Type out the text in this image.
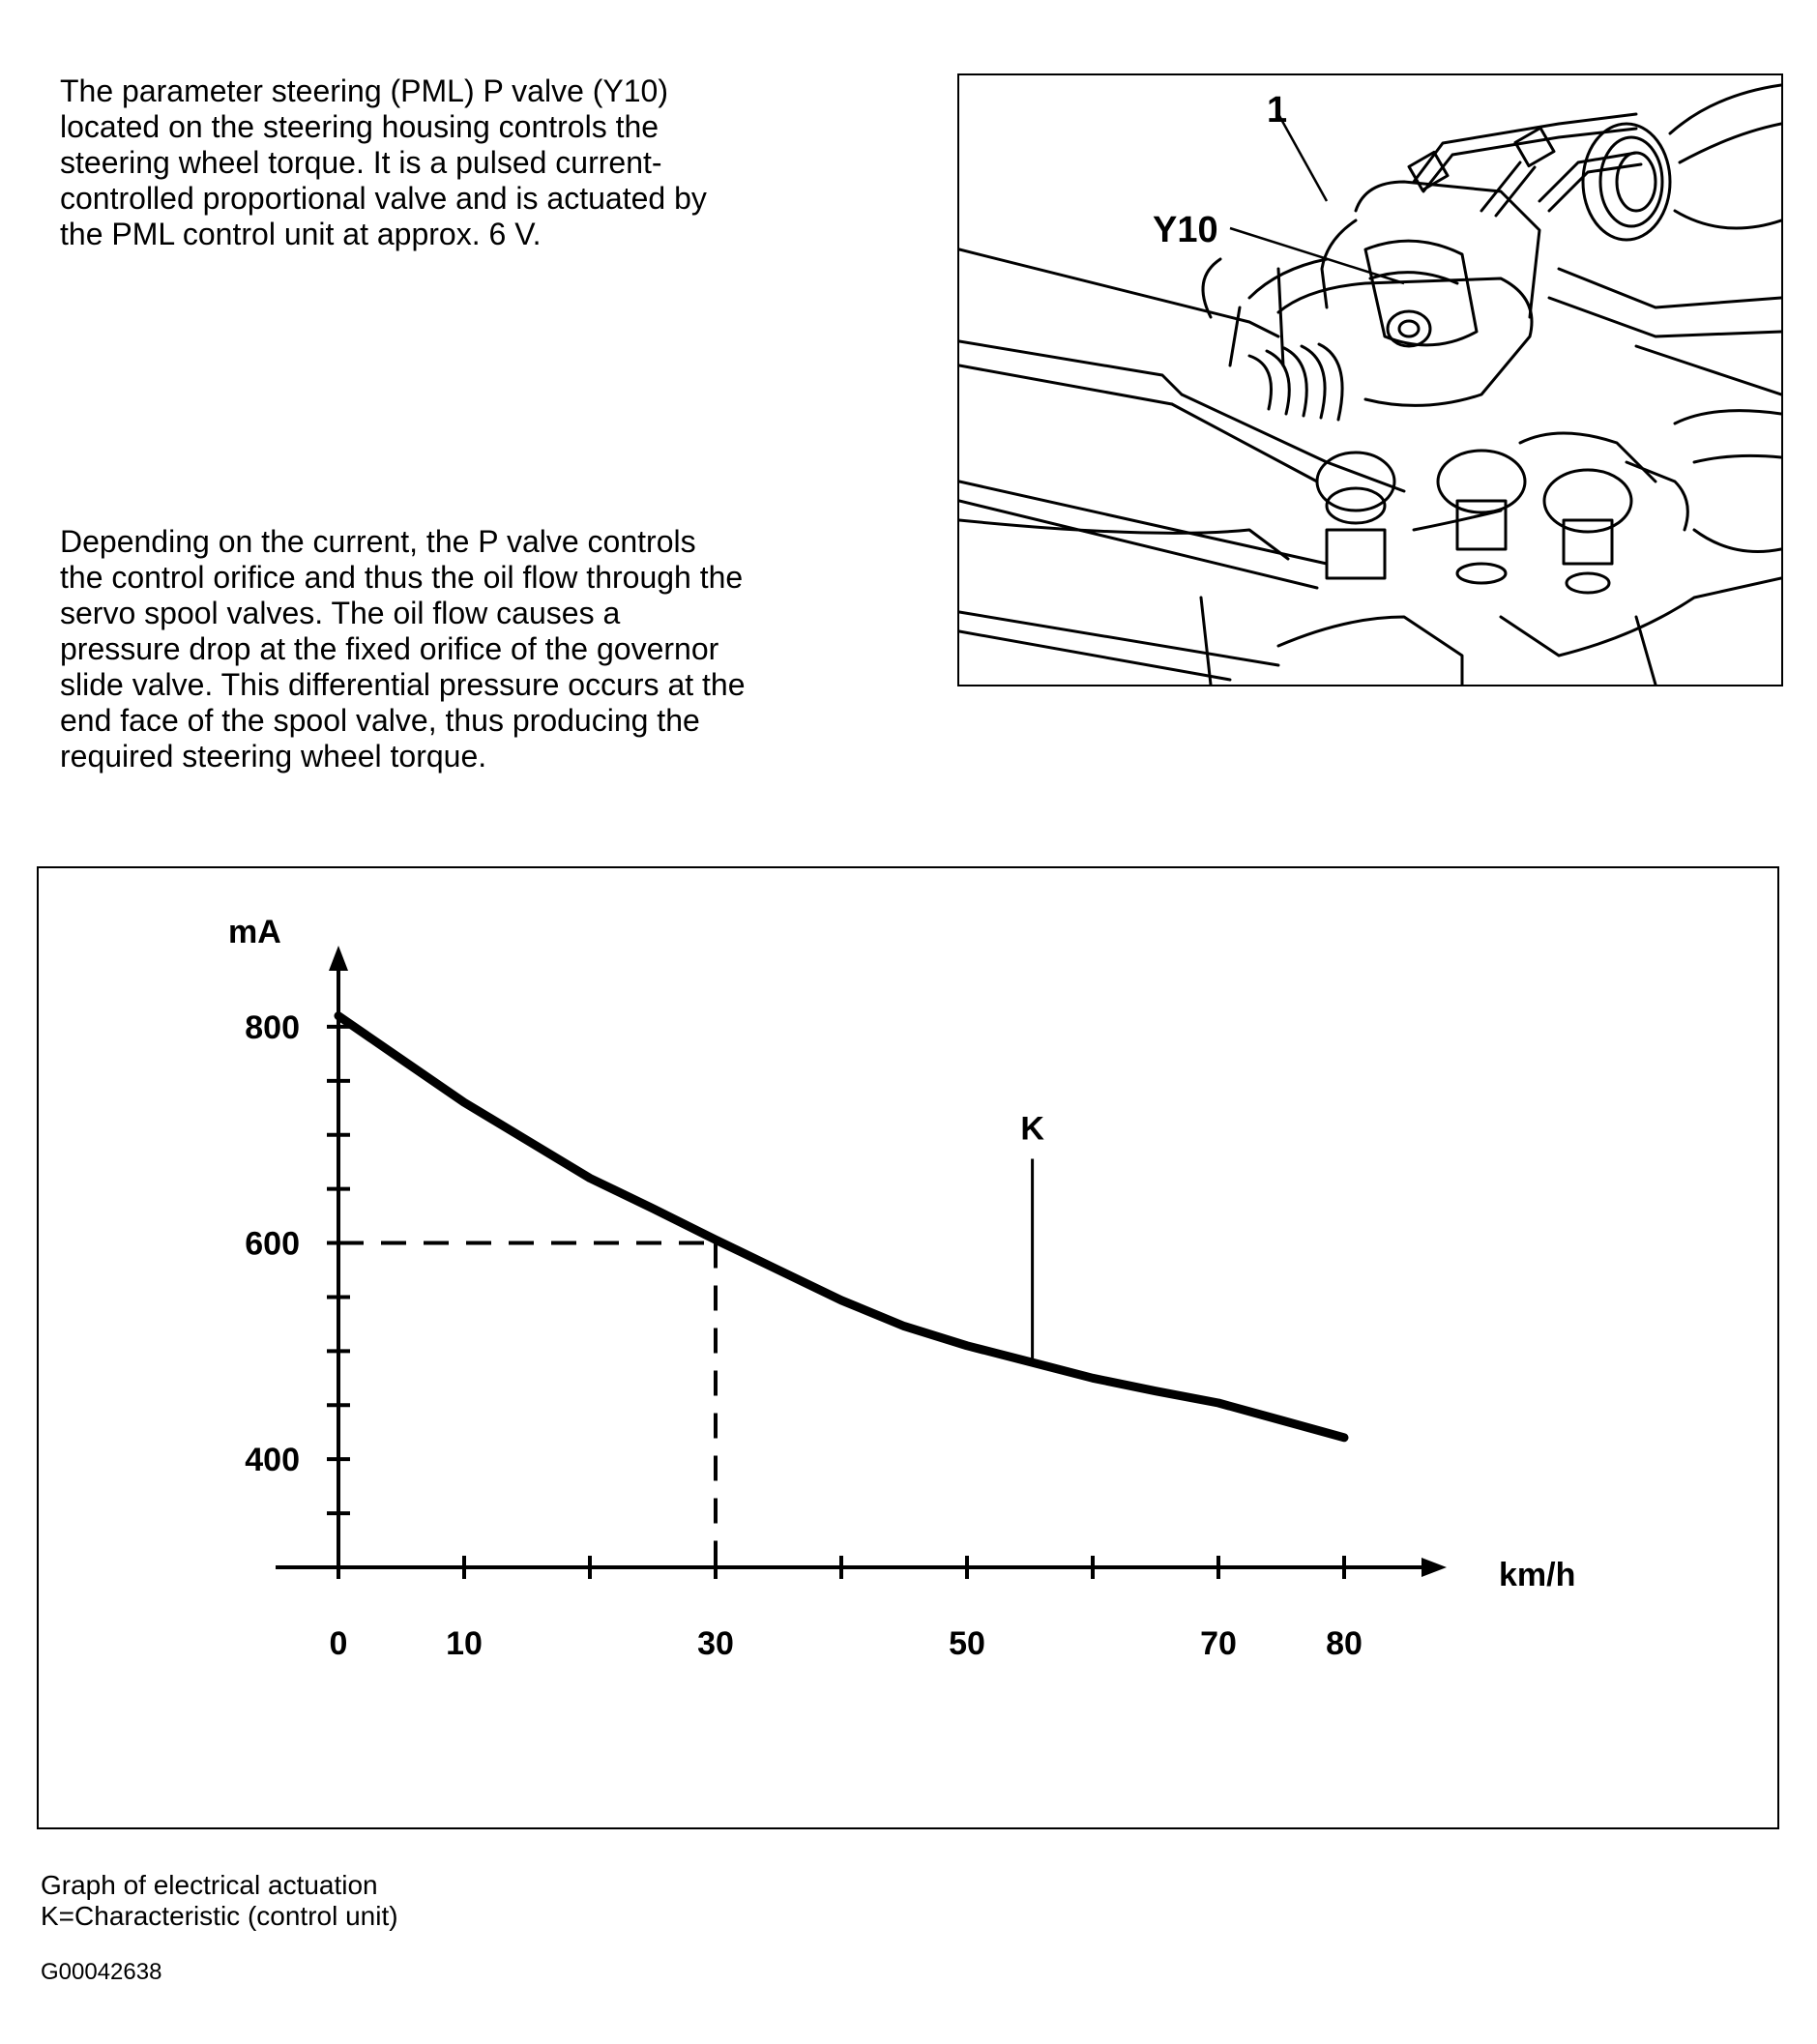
The parameter steering (PML) P valve (Y10)
located on the steering housing controls the
steering wheel torque. It is a pulsed current-
controlled proportional valve and is actuated by
the PML control unit at approx. 6 V.

1
Y10

Depending on the current, the P valve controls
the control orifice and thus the oil flow through the
servo spool valves. The oil flow causes a
pressure drop at the fixed orifice of the governor
slide valve. This differential pressure occurs at the
end face of the spool valve, thus producing the
required steering wheel torque.

800
600
400
0	10	30	50	70	80
K
mA
km/h

Graph of electrical actuation

K=Characteristic (control unit)

G00042638
